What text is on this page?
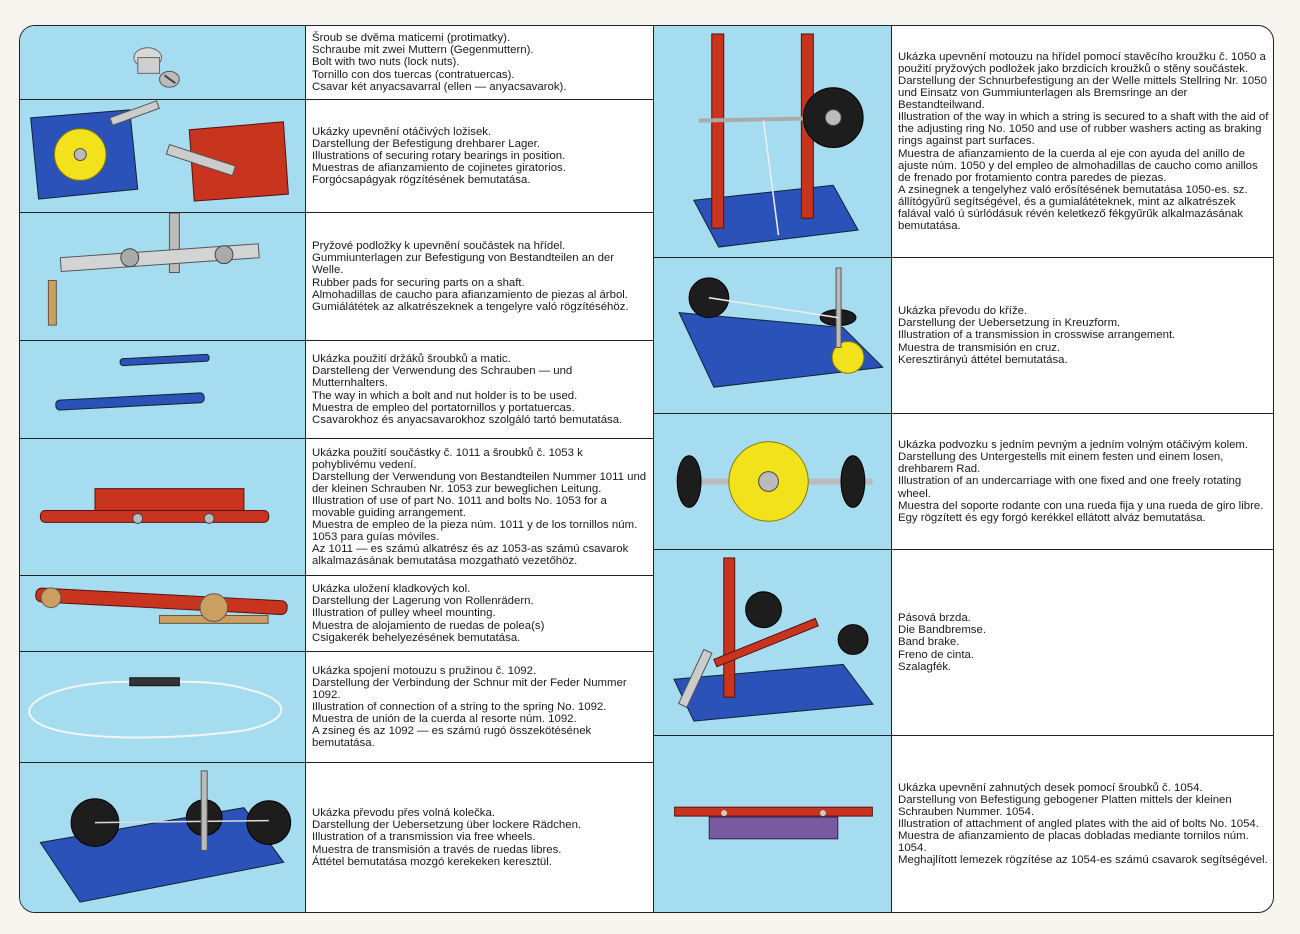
Šroub se dvěma maticemi (protimatky).
Schraube mit zwei Muttern (Gegenmuttern).
Bolt with two nuts (lock nuts).
Tornillo con dos tuercas (contratuercas).
Csavar két anyacsavarral (ellen — anyacsavarok).
Ukázky upevnění otáčivých ložisek.
Darstellung der Befestigung drehbarer Lager.
Illustrations of securing rotary bearings in position.
Muestras de afianzamiento de cojinetes giratorios.
Forgócsapágyak rögzítésének bemutatása.
Pryžové podložky k upevnění součástek na hřídel.
Gummiunterlagen zur Befestigung von Bestandteilen an der Welle.
Rubber pads for securing parts on a shaft.
Almohadillas de caucho para afianzamiento de piezas al árbol.
Gumiálátétek az alkatrészeknek a tengelyre való rögzítéséhöz.
Ukázka použití držáků šroubků a matic.
Darstelleng der Verwendung des Schrauben — und Mutternhalters.
The way in which a bolt and nut holder is to be used.
Muestra de empleo del portatornillos y portatuercas.
Csavarokhoz és anyacsavarokhoz szolgáló tartó bemutatása.
Ukázka použití součástky č. 1011 a šroubků č. 1053 k pohyblivému vedení.
Darstellung der Verwendung von Bestandteilen Nummer 1011 und der kleinen Schrauben Nr. 1053 zur beweglichen Leitung.
Illustration of use of part No. 1011 and bolts No. 1053 for a movable guiding arrangement.
Muestra de empleo de la pieza núm. 1011 y de los tornillos núm. 1053 para guías móviles.
Az 1011 — es számú alkatrész és az 1053-as számú csavarok alkalmazásának bemutatása mozgatható vezetőhöz.
Ukázka uložení kladkových kol.
Darstellung der Lagerung von Rollenrädern.
Illustration of pulley wheel mounting.
Muestra de alojamiento de ruedas de polea(s)
Csigakerék behelyezésének bemutatása.
Ukázka spojení motouzu s pružinou č. 1092.
Darstellung der Verbindung der Schnur mit der Feder Nummer 1092.
Illustration of connection of a string to the spring No. 1092.
Muestra de unión de la cuerda al resorte núm. 1092.
A zsineg és az 1092 — es számú rugó összekötésének bemutatása.
Ukázka převodu přes volná kolečka.
Darstellung der Uebersetzung über lockere Rädchen.
Illustration of a transmission via free wheels.
Muestra de transmisión a través de ruedas libres.
Áttétel bemutatása mozgó kerekeken keresztül.
Ukázka upevnění motouzu na hřídel pomocí stavěcího kroužku č. 1050 a použití pryžových podložek jako brzdicích kroužků o stěny součástek.
Darstellung der Schnurbefestigung an der Welle mittels Stellring Nr. 1050 und Einsatz von Gummiunterlagen als Bremsringe an der Bestandteilwand.
Illustration of the way in which a string is secured to a shaft with the aid of the adjusting ring No. 1050 and use of rubber washers acting as braking rings against part surfaces.
Muestra de afianzamiento de la cuerda al eje con ayuda del anillo de ajuste núm. 1050 y del empleo de almohadillas de caucho como anillos de frenado por frotamiento contra paredes de piezas.
A zsinegnek a tengelyhez való erősítésének bemutatása 1050-es. sz. állítógyűrű segítségével, és a gumialátéteknek, mint az alkatrészek falával való ú súrlódásuk révén keletkező fékgyűrűk alkalmazásának bemutatása.
Ukázka převodu do kříže.
Darstellung der Uebersetzung in Kreuzform.
Illustration of a transmission in crosswise arrangement.
Muestra de transmisión en cruz.
Keresztirányú áttétel bemutatása.
Ukázka podvozku s jedním pevným a jedním volným otáčivým kolem.
Darstellung des Untergestells mit einem festen und einem losen, drehbarem Rad.
Illustration of an undercarriage with one fixed and one freely rotating wheel.
Muestra del soporte rodante con una rueda fija y una rueda de giro libre.
Egy rögzített és egy forgó kerékkel ellátott alváz bemutatása.
Pásová brzda.
Die Bandbremse.
Band brake.
Freno de cinta.
Szalagfék.
Ukázka upevnění zahnutých desek pomocí šroubků č. 1054.
Darstellung von Befestigung gebogener Platten mittels der kleinen Schrauben Nummer. 1054.
Illustration of attachment of angled plates with the aid of bolts No. 1054.
Muestra de afianzamiento de placas dobladas mediante tornilos núm. 1054.
Meghajlított lemezek rögzítése az 1054-es számú csavarok segítségével.
